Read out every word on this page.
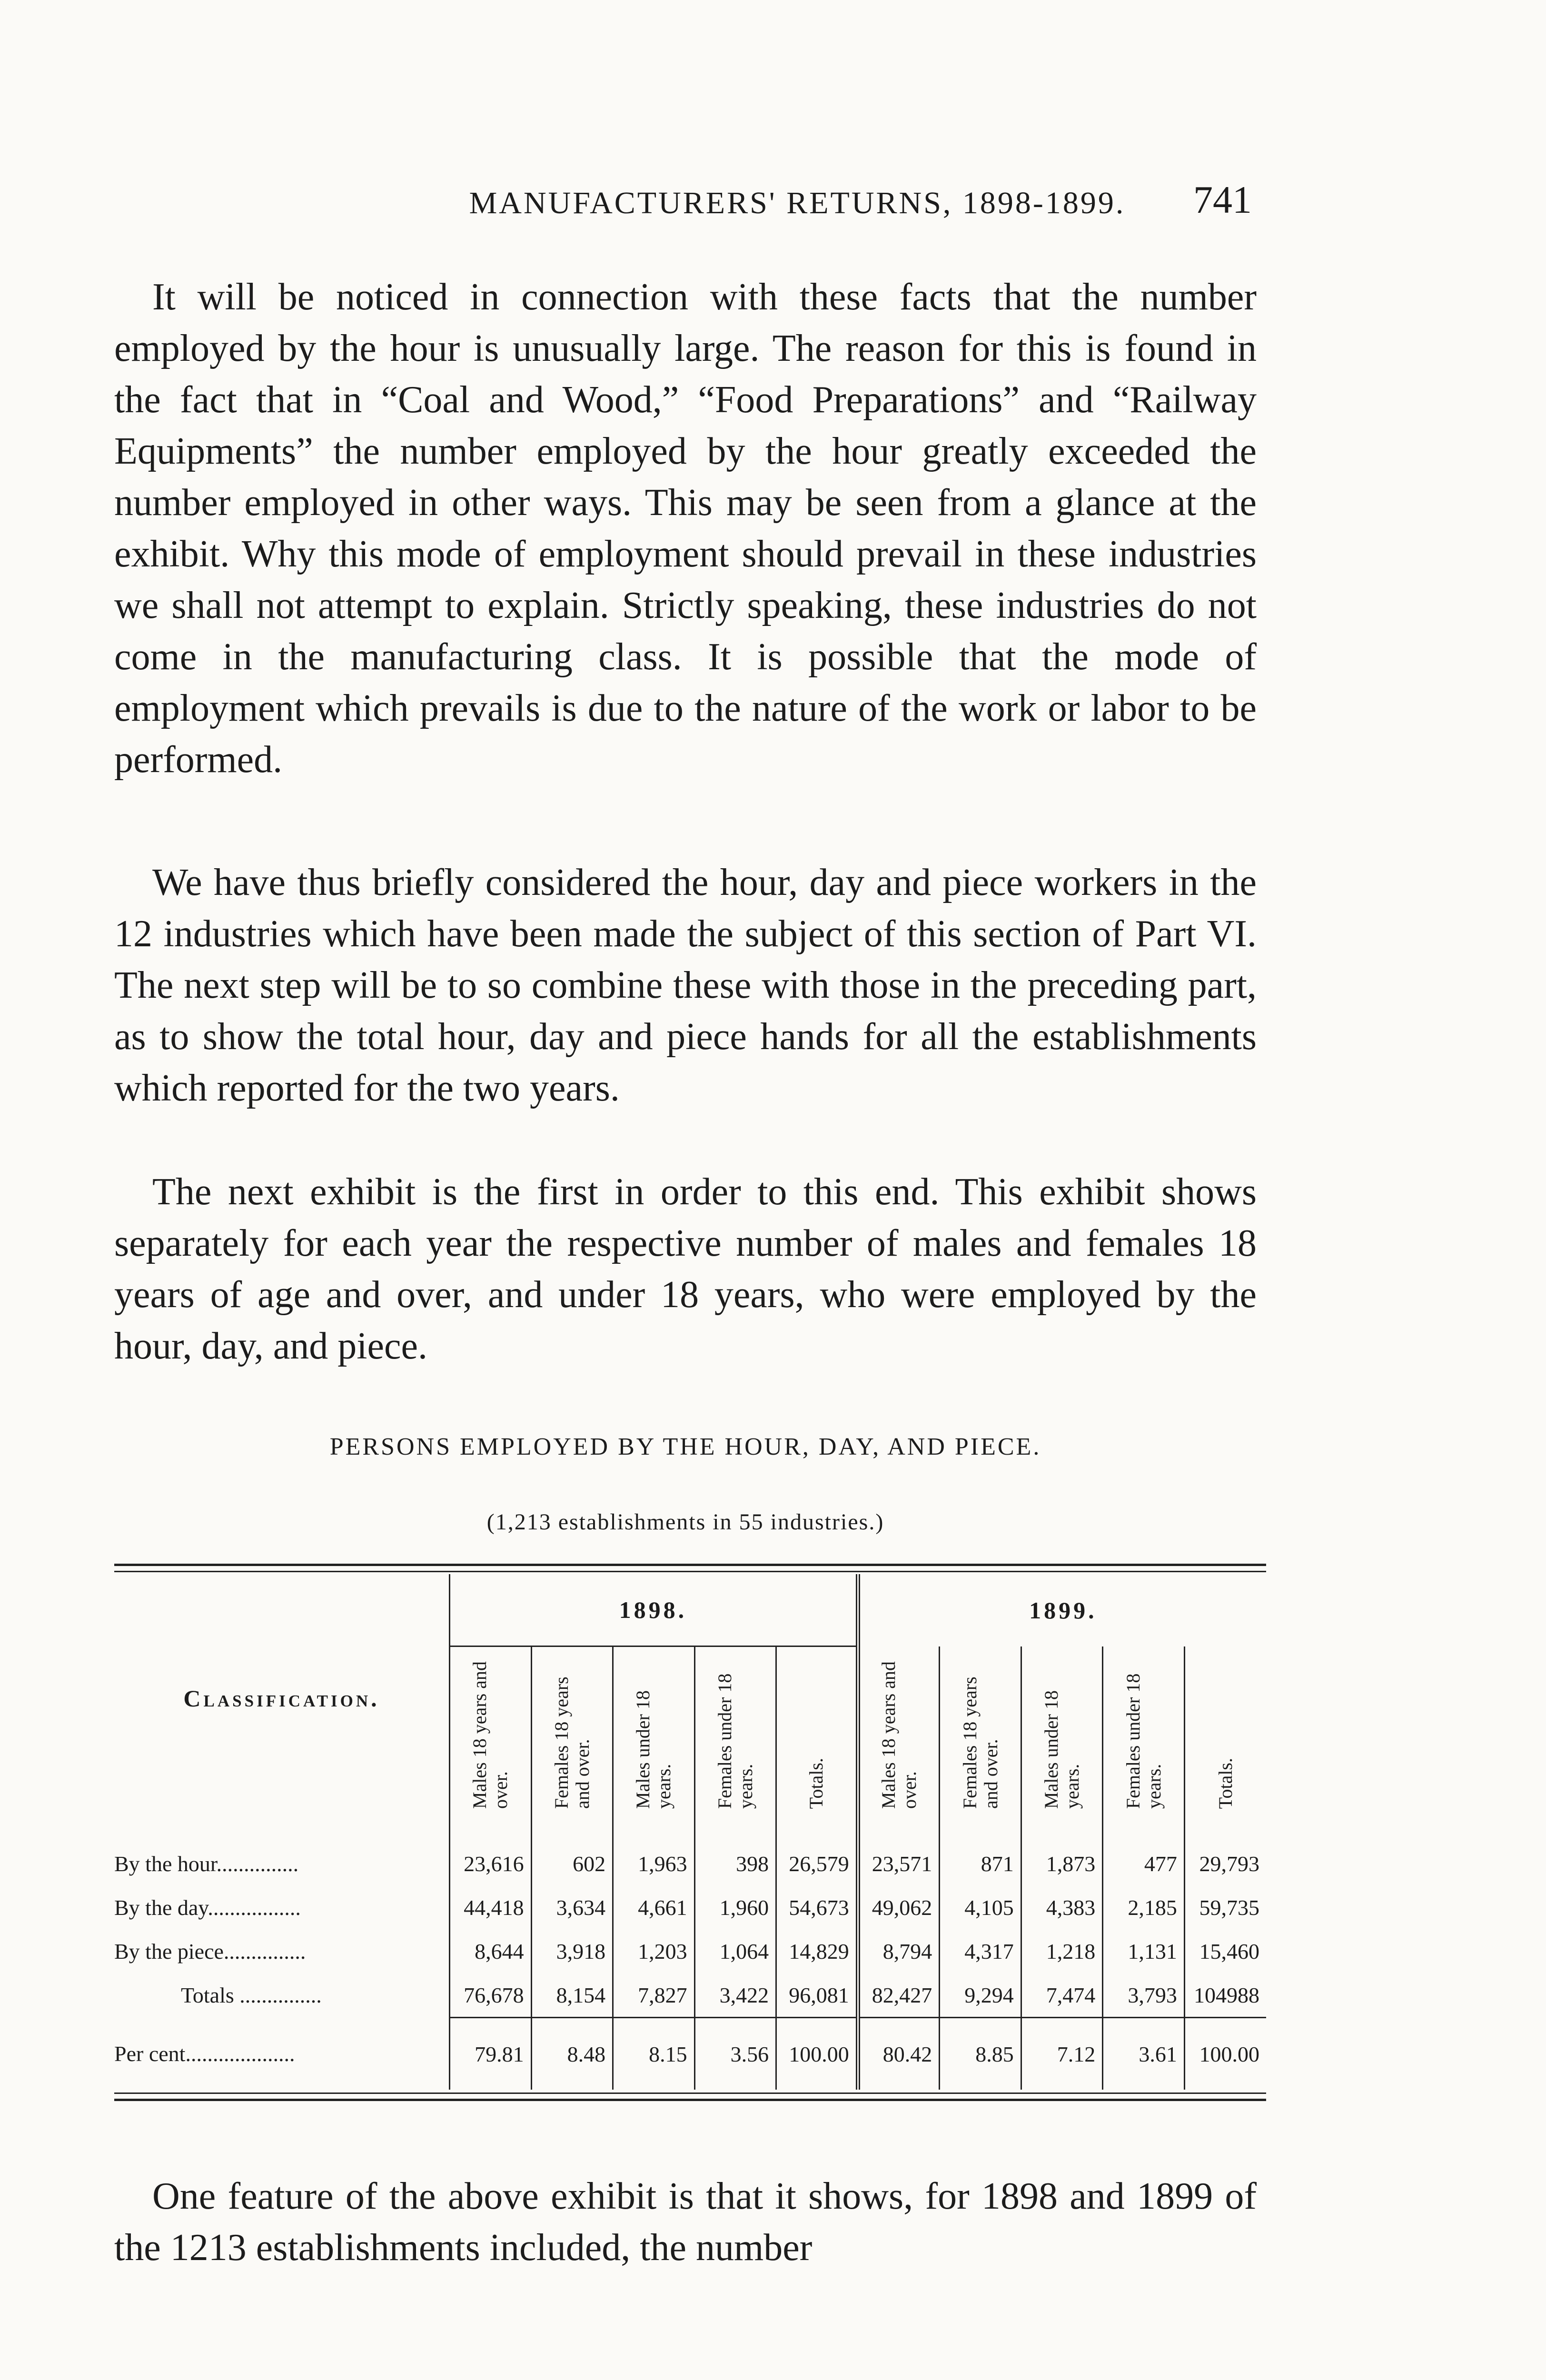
MANUFACTURERS' RETURNS, 1898-1899.	741

It will be noticed in connection with these facts that the number employed by the hour is unusually large. The reason for this is found in the fact that in “Coal and Wood,” “Food Preparations” and “Railway Equipments” the number employed by the hour greatly exceeded the number employed in other ways. This may be seen from a glance at the exhibit. Why this mode of employment should prevail in these industries we shall not attempt to explain. Strictly speaking, these industries do not come in the manufacturing class. It is possible that the mode of employment which prevails is due to the nature of the work or labor to be performed.

We have thus briefly considered the hour, day and piece workers in the 12 industries which have been made the subject of this section of Part VI. The next step will be to so combine these with those in the preceding part, as to show the total hour, day and piece hands for all the establishments which reported for the two years.

The next exhibit is the first in order to this end. This exhibit shows separately for each year the respective number of males and females 18 years of age and over, and under 18 years, who were employed by the hour, day, and piece.

PERSONS EMPLOYED BY THE HOUR, DAY, AND PIECE.
(1,213 establishments in 55 industries.)
Classification.	1898.					1899.				
	Males 18 years and over.	Females 18 years and over.	Males under 18 years.	Females under 18 years.	Totals.	Males 18 years and over.	Females 18 years and over.	Males under 18 years.	Females under 18 years.	Totals.

By the hour...............	23,616	602	1,963	398	26,579	23,571	871	1,873	477	29,793
By the day.................	44,418	3,634	4,661	1,960	54,673	49,062	4,105	4,383	2,185	59,735
By the piece...............	8,644	3,918	1,203	1,064	14,829	8,794	4,317	1,218	1,131	15,460
Totals ...............	76,678	8,154	7,827	3,422	96,081	82,427	9,294	7,474	3,793	104988
Per cent....................	79.81	8.48	8.15	3.56	100.00	80.42	8.85	7.12	3.61	100.00

One feature of the above exhibit is that it shows, for 1898 and 1899 of the 1213 establishments included, the number
